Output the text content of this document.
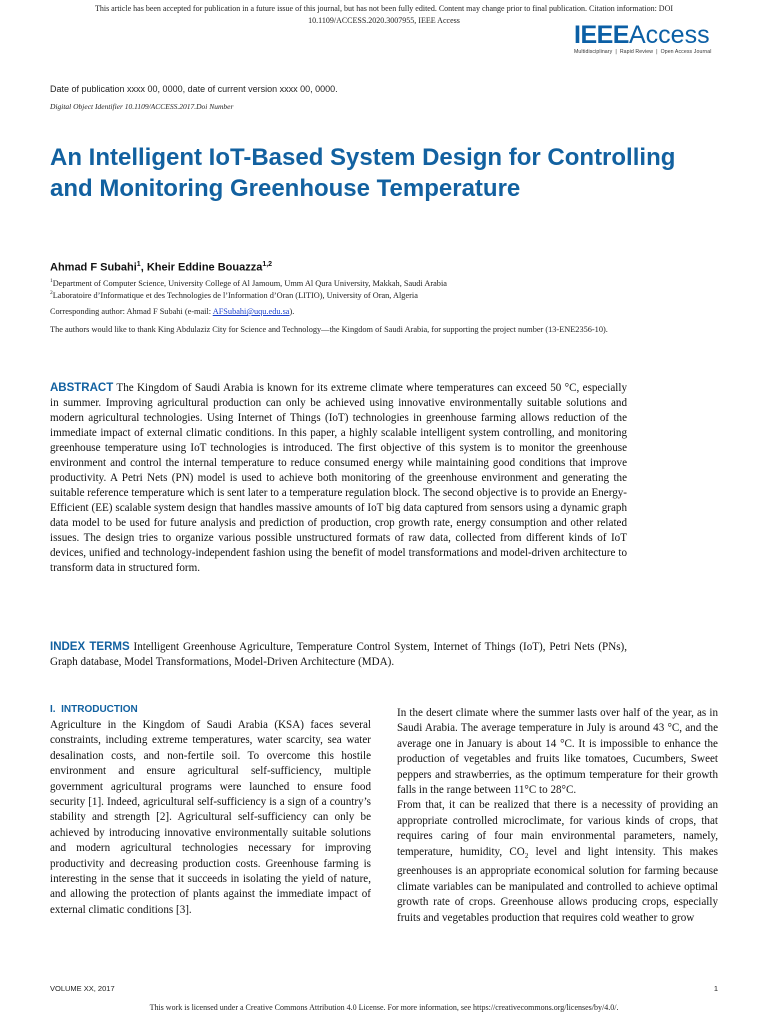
This article has been accepted for publication in a future issue of this journal, but has not been fully edited. Content may change prior to final publication. Citation information: DOI
10.1109/ACCESS.2020.3007955, IEEE Access
IEEEAccess
Multidisciplinary ❘ Rapid Review ❘ Open Access Journal
Date of publication xxxx 00, 0000, date of current version xxxx 00, 0000.
Digital Object Identifier 10.1109/ACCESS.2017.Doi Number
An Intelligent IoT-Based System Design for Controlling and Monitoring Greenhouse Temperature
Ahmad F Subahi$^1$, Kheir Eddine Bouazza$^{1,2}$
$^1$Department of Computer Science, University College of Al Jamoum, Umm Al Qura University, Makkah, Saudi Arabia
$^2$Laboratoire d’Informatique et des Technologies de l’Information d’Oran (LITIO), University of Oran, Algeria
Corresponding author: Ahmad F Subahi (e-mail: AFSubahi@uqu.edu.sa).
The authors would like to thank King Abdulaziz City for Science and Technology—the Kingdom of Saudi Arabia, for supporting the project number (13-ENE2356-10).
ABSTRACT The Kingdom of Saudi Arabia is known for its extreme climate where temperatures can exceed 50 °C, especially in summer. Improving agricultural production can only be achieved using innovative environmentally suitable solutions and modern agricultural technologies. Using Internet of Things (IoT) technologies in greenhouse farming allows reduction of the immediate impact of external climatic conditions. In this paper, a highly scalable intelligent system controlling, and monitoring greenhouse temperature using IoT technologies is introduced. The first objective of this system is to monitor the greenhouse environment and control the internal temperature to reduce consumed energy while maintaining good conditions that improve productivity. A Petri Nets (PN) model is used to achieve both monitoring of the greenhouse environment and generating the suitable reference temperature which is sent later to a temperature regulation block. The second objective is to provide an Energy-Efficient (EE) scalable system design that handles massive amounts of IoT big data captured from sensors using a dynamic graph data model to be used for future analysis and prediction of production, crop growth rate, energy consumption and other related issues. The design tries to organize various possible unstructured formats of raw data, collected from different kinds of IoT devices, unified and technology-independent fashion using the benefit of model transformations and model-driven architecture to transform data in structured form.
INDEX TERMS Intelligent Greenhouse Agriculture, Temperature Control System, Internet of Things (IoT), Petri Nets (PNs), Graph database, Model Transformations, Model-Driven Architecture (MDA).
I.  INTRODUCTION

Agriculture in the Kingdom of Saudi Arabia (KSA) faces several constraints, including extreme temperatures, water scarcity, sea water desalination costs, and non-fertile soil. To overcome this hostile environment and ensure agricultural self-sufficiency, multiple government agricultural programs were launched to ensure food security [1]. Indeed, agricultural self-sufficiency is a sign of a country’s stability and strength [2]. Agricultural self-sufficiency can only be achieved by introducing innovative environmentally suitable solutions and modern agricultural technologies necessary for improving productivity and decreasing production costs. Greenhouse farming is interesting in the sense that it succeeds in isolating the yield of nature, and allowing the protection of plants against the immediate impact of external climatic conditions [3].

In the desert climate where the summer lasts over half of the year, as in Saudi Arabia. The average temperature in July is around 43 °C, and the average one in January is about 14 °C. It is impossible to enhance the production of vegetables and fruits like tomatoes, Cucumbers, Sweet peppers and strawberries, as the optimum temperature for their growth falls in the range between 11°C to 28°C.

From that, it can be realized that there is a necessity of providing an appropriate controlled microclimate, for various kinds of crops, that requires caring of four main environmental parameters, namely, temperature, humidity, $CO_2$ level and light intensity. This makes greenhouses is an appropriate economical solution for farming because climate variables can be manipulated and controlled to achieve optimal growth rate of crops. Greenhouse allows producing crops, especially fruits and vegetables production that requires cold weather to grow

VOLUME XX, 2017	1
This work is licensed under a Creative Commons Attribution 4.0 License. For more information, see https://creativecommons.org/licenses/by/4.0/.
